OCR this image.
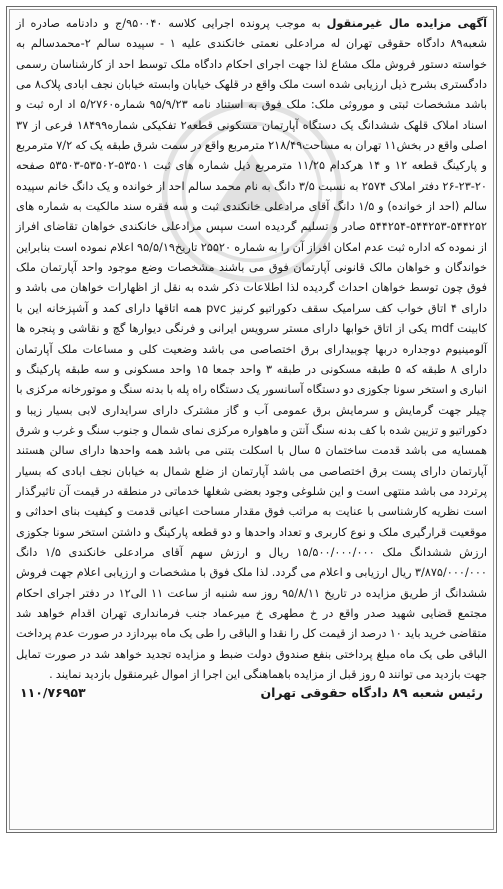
آگهی مزایده مال غیرمنقول به موجب پرونده اجرایی کلاسه ۹۵۰۰۴۰/ج و دادنامه صادره از شعبه۸۹ دادگاه حقوقی تهران له مرادعلی نعمتی خانکندی علیه ۱ - سپیده سالم ۲-محمدسالم به خواسته دستور فروش ملک مشاع لذا جهت اجرای احکام دادگاه ملک توسط احد از کارشناسان رسمی دادگستری بشرح ذیل ارزیابی شده است ملک واقع در قلهک خیابان وابسته خیابان نجف ابادی پلاک۸ می باشد مشخصات ثبتی و موروثی ملک: ملک فوق به استناد نامه ۹۵/۹/۲۳ شماره۵/۲۷۶۰ اد اره ثبت و اسناد املاک قلهک ششدانگ یک دستگاه آپارتمان مسکونی قطعه۲ تفکیکی شماره۱۸۴۹۹ فرعی از ۳۷ اصلی واقع در بخش۱۱ تهران به مساحت۲۱۸/۴۹ مترمربع واقع در سمت شرق طبقه یک که ۷/۲ مترمربع و پارکینگ قطعه ۱۲ و ۱۴ هرکدام ۱۱/۲۵ مترمربع ذیل شماره های ثبت ۵۳۵۰۱-۵۳۵۰۲-۵۳۵۰۳ صفحه ۲۰-۲۳-۲۶ دفتر املاک ۲۵۷۴ به نسبت ۳/۵ دانگ به نام محمد سالم احد از خوانده و یک دانگ خانم سپیده سالم (احد از خوانده) و ۱/۵ دانگ آقای مرادعلی خانکندی ثبت و سه فقره سند مالکیت به شماره های ۵۴۴۲۵۲-۵۴۴۲۵۳-۵۴۴۲۵۴ صادر و تسلیم گردیده است سپس مرادعلی خانکندی خواهان تقاضای افراز از نموده که اداره ثبت عدم امکان افراز آن را به شماره ۲۵۵۲۰ تاریخ۹۵/۵/۱۹ اعلام نموده است بنابراین خواندگان و خواهان مالک قانونی آپارتمان فوق می باشند مشخصات وضع موجود واحد آپارتمان ملک فوق چون توسط خواهان احداث گردیده لذا اطلاعات ذکر شده به نقل از اظهارات خواهان می باشد و دارای ۴ اتاق خواب کف سرامیک سقف دکوراتیو کرنیز pvc همه اتاقها دارای کمد و آشپزخانه این با کابینت mdf یکی از اتاق خوابها دارای مستر سرویس ایرانی و فرنگی دیوارها گچ و نقاشی و پنجره ها آلومینیوم دوجداره دربها چوبیدارای برق اختصاصی می باشد وضعیت کلی و مساعات ملک آپارتمان دارای ۸ طبقه که ۵ طبقه مسکونی در طبقه ۳ واحد جمعا ۱۵ واحد مسکونی و سه طبقه پارکینگ و انباری و استخر سونا جکوزی دو دستگاه آسانسور یک دستگاه راه پله با بدنه سنگ و موتورخانه مرکزی با چیلر جهت گرمایش و سرمایش برق عمومی آب و گاز مشترک دارای سرایداری لابی بسیار زیبا و دکوراتیو و تزیین شده با کف بدنه سنگ آنتن و ماهواره مرکزی نمای شمال و جنوب سنگ و غرب و شرق همسایه می باشد قدمت ساختمان ۵ سال با اسکلت بتنی می باشد همه واحدها دارای سالن هستند آپارتمان دارای پست برق اختصاصی می باشد آپارتمان از ضلع شمال به خیابان نجف ابادی که بسیار پرتردد می باشد منتهی است و این شلوغی وجود بعضی شغلها خدماتی در منطقه در قیمت آن تاثیرگذار است نظریه کارشناسی با عنایت به مراتب فوق مقدار مساحت اعیانی قدمت و کیفیت بنای احداثی و موقعیت قرارگیری ملک و نوع کاربری و تعداد واحدها و دو قطعه پارکینگ و داشتن استخر سونا جکوزی ارزش ششدانگ ملک ۱۵/۵۰۰/۰۰۰/۰۰۰ ریال و ارزش سهم آقای مرادعلی خانکندی ۱/۵ دانگ ۳/۸۷۵/۰۰۰/۰۰۰ ریال ارزیابی و اعلام می گردد. لذا ملک فوق با مشخصات و ارزیابی اعلام جهت فروش ششدانگ از طریق مزایده در تاریخ ۹۵/۸/۱۱ روز سه شنبه از ساعت ۱۱ الی۱۲ در دفتر اجرای احکام مجتمع قضایی شهید صدر واقع در خ مطهری خ میرعماد جنب فرمانداری تهران اقدام خواهد شد متقاضی خرید باید ۱۰ درصد از قیمت کل را نقدا و الباقی را طی یک ماه بپردازد در صورت عدم پرداخت الباقی طی یک ماه مبلغ پرداختی بنفع صندوق دولت ضبط و مزایده تجدید خواهد شد در صورت تمایل جهت بازدید می توانند ۵ روز قبل از مزایده باهماهنگی این اجرا از اموال غیرمنقول بازدید نمایند .

رئیس شعبه ۸۹ دادگاه حقوقی تهران
۱۱۰/۷۶۹۵۳
